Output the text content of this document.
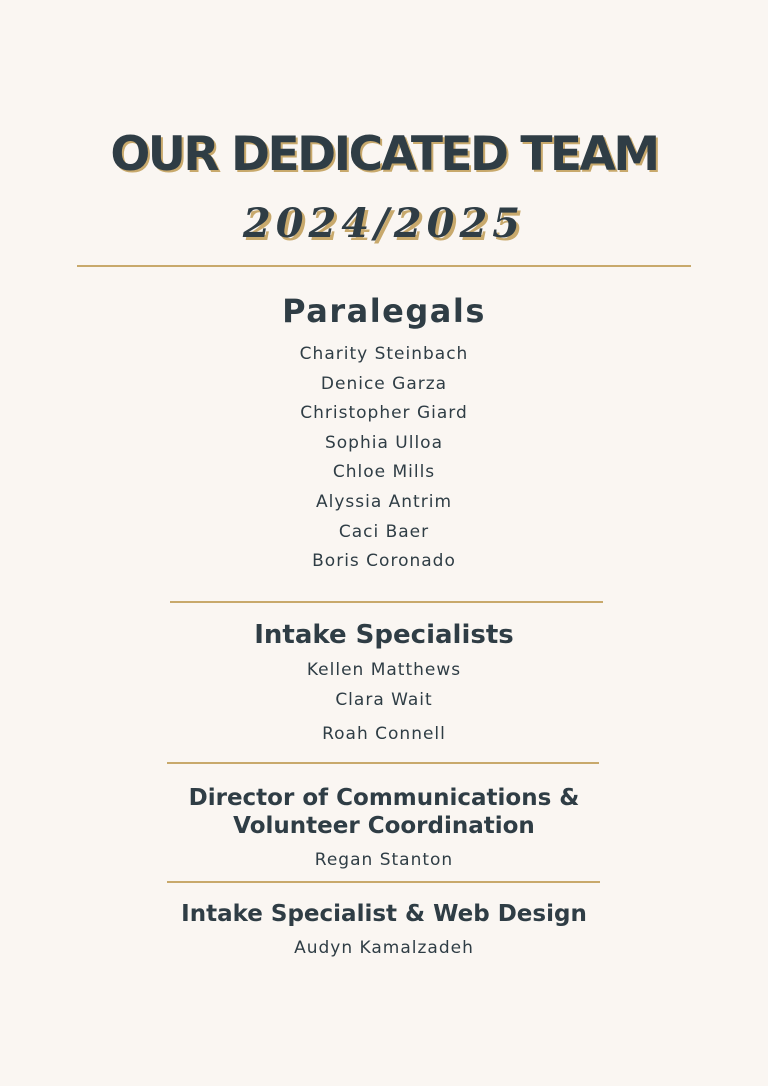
OUR DEDICATED TEAM
2024/2025
Paralegals
Charity Steinbach
Denice Garza
Christopher Giard
Sophia Ulloa
Chloe Mills
Alyssia Antrim
Caci Baer
Boris Coronado
Intake Specialists
Kellen Matthews
Clara Wait
Roah Connell
Director of Communications &
Volunteer Coordination
Regan Stanton
Intake Specialist & Web Design
Audyn Kamalzadeh
